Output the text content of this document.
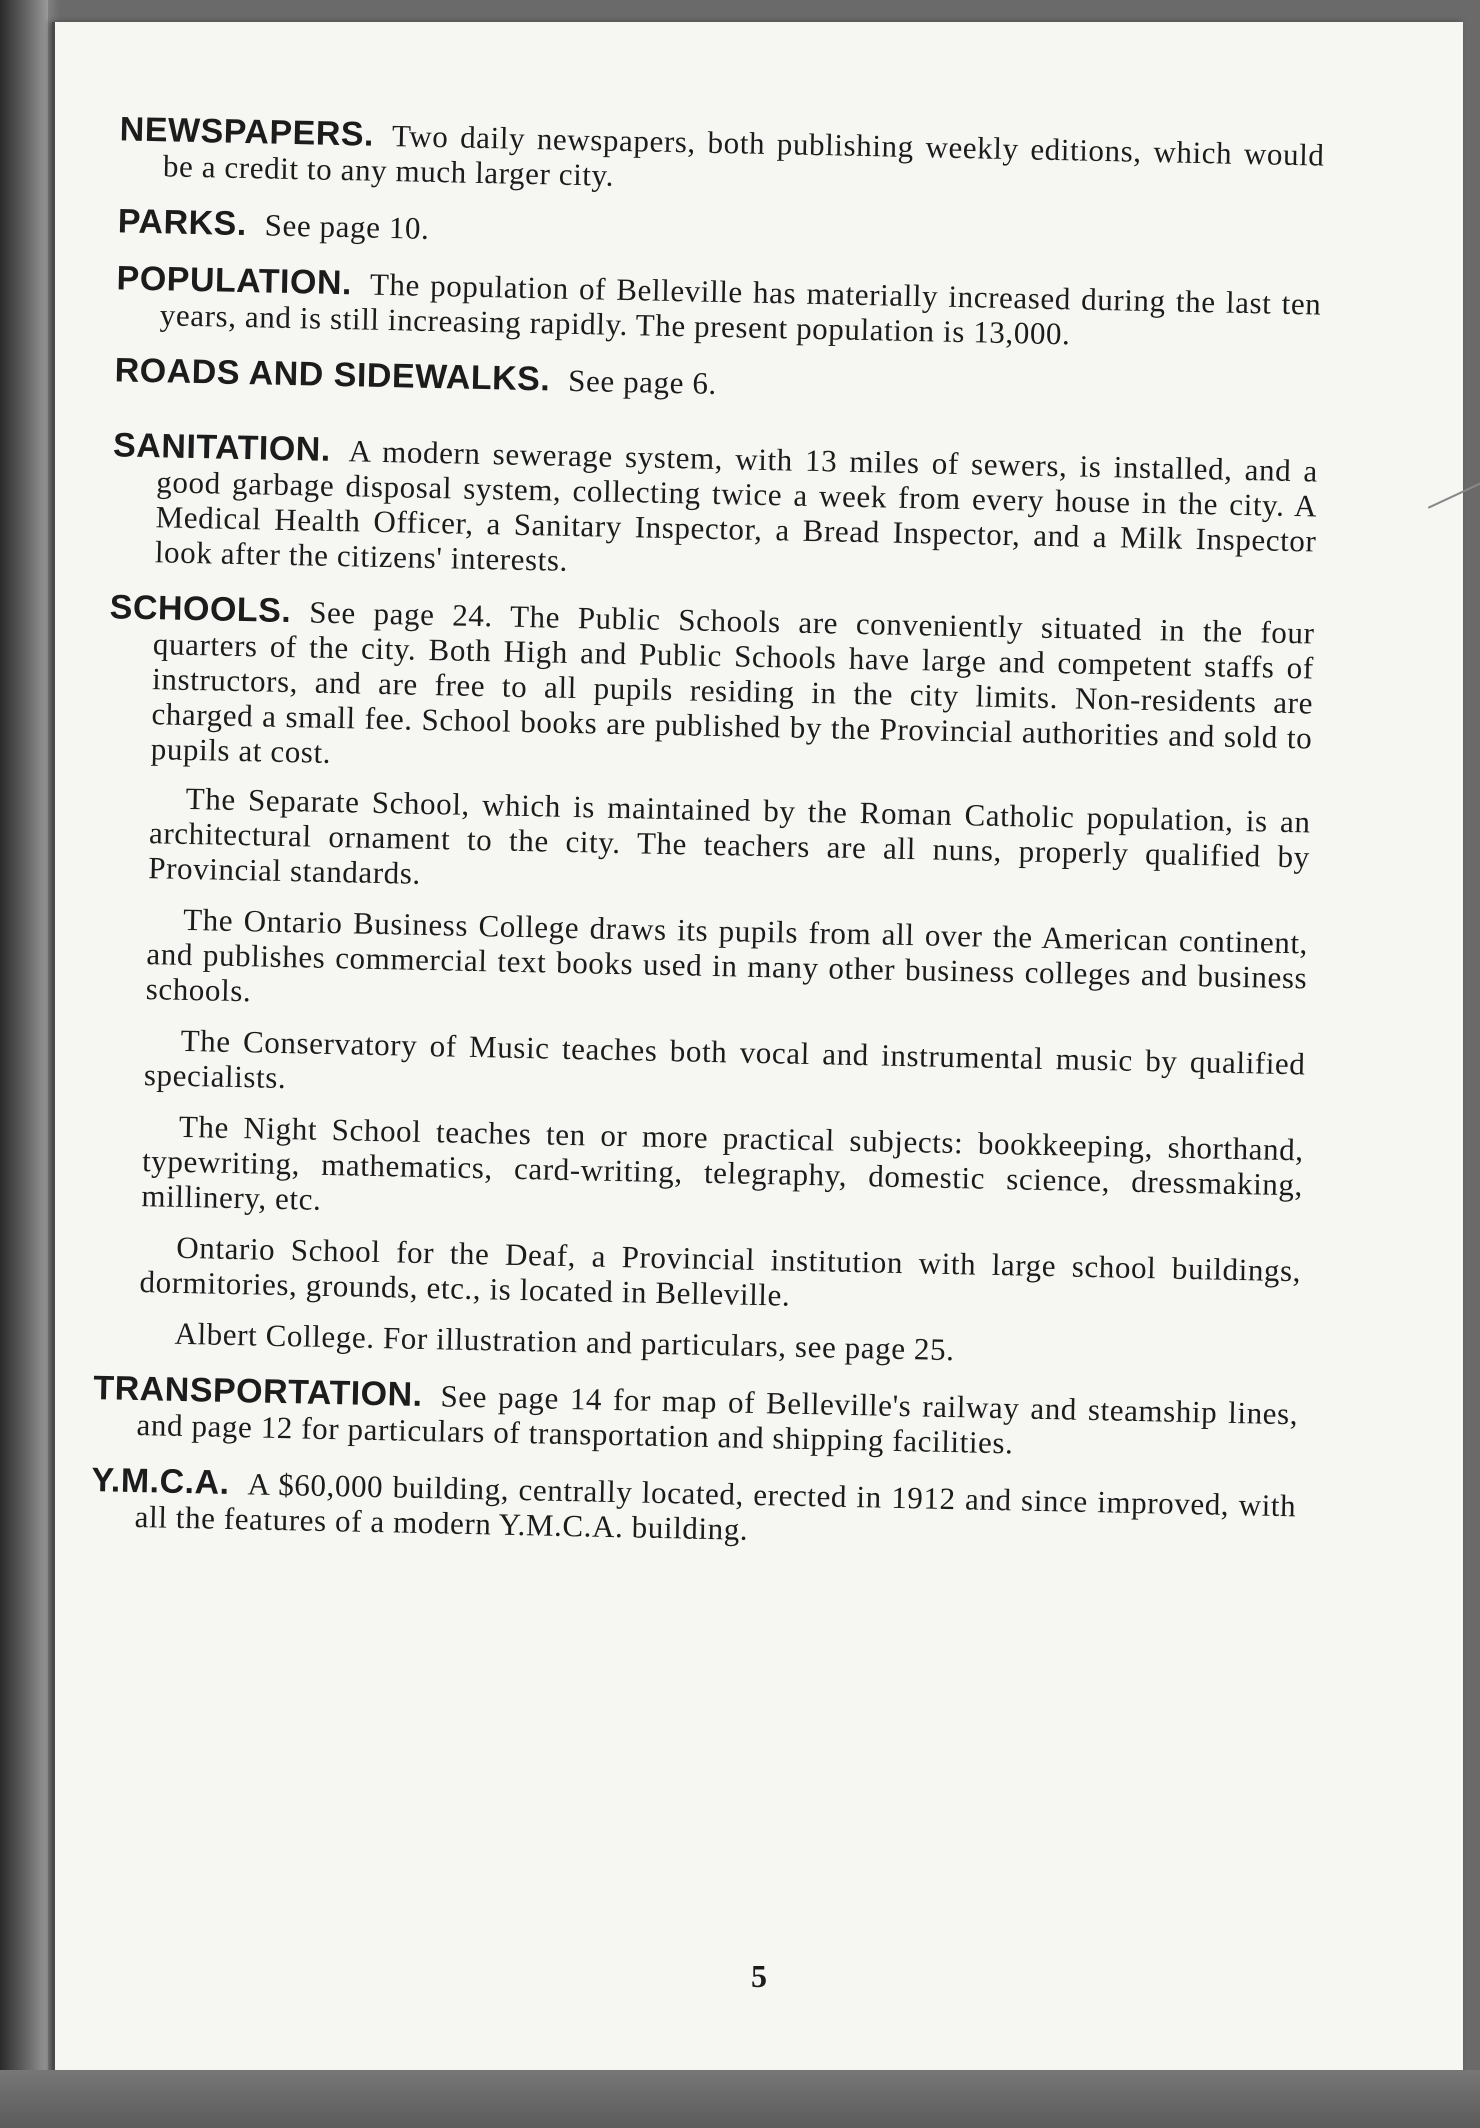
5

NEWSPAPERS. Two daily newspapers, both publishing weekly editions, which would be a credit to any much larger city.

PARKS. See page 10.

POPULATION. The population of Belleville has materially increased during the last ten years, and is still increasing rapidly. The present population is 13,000.

ROADS AND SIDEWALKS. See page 6.

SANITATION. A modern sewerage system, with 13 miles of sewers, is installed, and a good garbage disposal system, collecting twice a week from every house in the city. A Medical Health Officer, a Sanitary Inspector, a Bread Inspector, and a Milk Inspector look after the citizens' interests.

SCHOOLS. See page 24. The Public Schools are conveniently situated in the four quarters of the city. Both High and Public Schools have large and competent staffs of instructors, and are free to all pupils residing in the city limits. Non-residents are charged a small fee. School books are published by the Provincial authorities and sold to pupils at cost.

The Separate School, which is maintained by the Roman Catholic population, is an architectural ornament to the city. The teachers are all nuns, properly qualified by Provincial standards.

The Ontario Business College draws its pupils from all over the American continent, and publishes commercial text books used in many other business colleges and business schools.

The Conservatory of Music teaches both vocal and instrumental music by qualified specialists.

The Night School teaches ten or more practical subjects: bookkeeping, shorthand, typewriting, mathematics, card-writing, telegraphy, domestic science, dressmaking, millinery, etc.

Ontario School for the Deaf, a Provincial institution with large school buildings, dormitories, grounds, etc., is located in Belleville.

Albert College. For illustration and particulars, see page 25.

TRANSPORTATION. See page 14 for map of Belleville's railway and steamship lines, and page 12 for particulars of transportation and shipping facilities.

Y.M.C.A. A $60,000 building, centrally located, erected in 1912 and since improved, with all the features of a modern Y.M.C.A. building.
